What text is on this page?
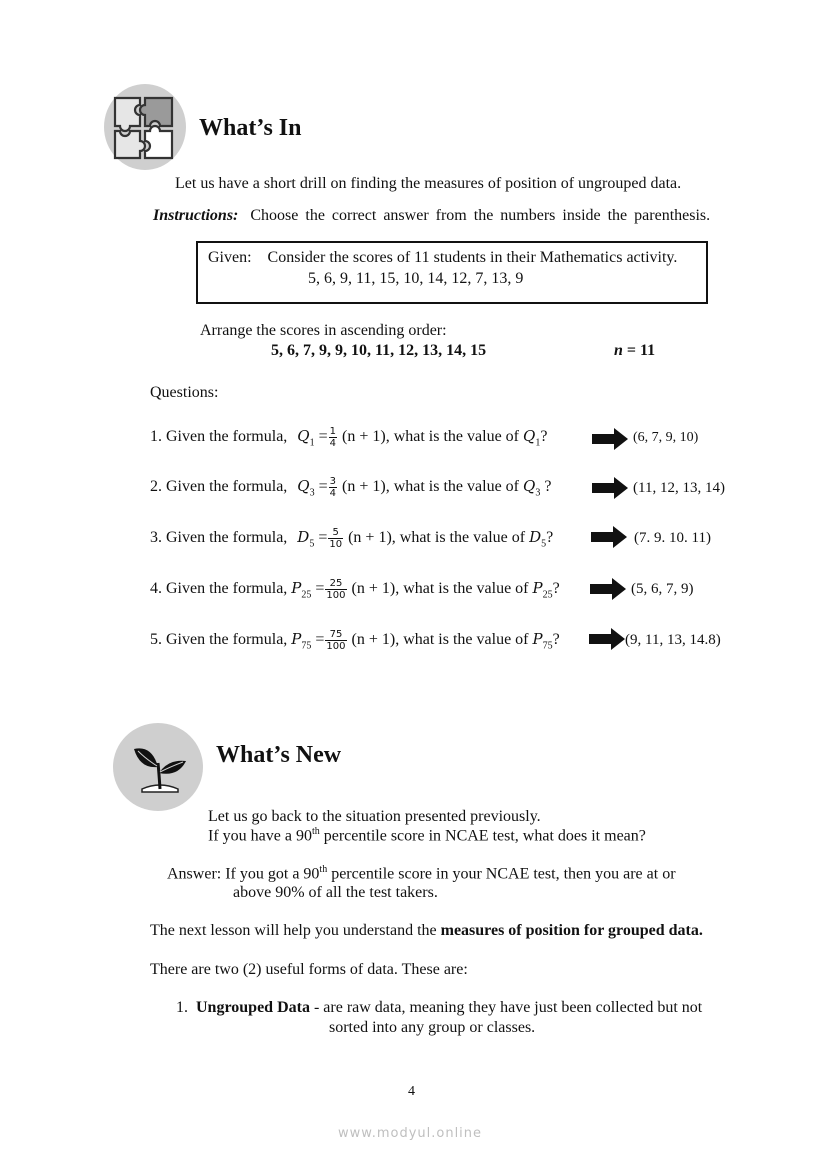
What’s In
Let us have a short drill on finding the measures of position of ungrouped data.
Instructions: Choose the correct answer from the numbers inside the parenthesis.
Given: Consider the scores of 11 students in their Mathematics activity.
5, 6, 9, 11, 15, 10, 14, 12, 7, 13, 9
Arrange the scores in ascending order:
5, 6, 7, 9, 9, 10, 11, 12, 13, 14, 15	n = 11
Questions:
1. Given the formula, $Q_1 = \frac{1}{4} (n + 1)$, what is the value of $Q_1$?	(6, 7, 9, 10)
2. Given the formula, $Q_3 = \frac{3}{4} (n + 1)$, what is the value of $Q_3$ ?	(11, 12, 13, 14)
3. Given the formula, $D_5 = \frac{5}{10} (n + 1)$, what is the value of $D_5$?	(7. 9. 10. 11)
4. Given the formula, $P_{25} = \frac{25}{100} (n + 1)$, what is the value of $P_{25}$?	(5, 6, 7, 9)
5. Given the formula, $P_{75} = \frac{75}{100} (n + 1)$, what is the value of $P_{75}$?	(9, 11, 13, 14.8)
What’s New
Let us go back to the situation presented previously.
If you have a 90th percentile score in NCAE test, what does it mean?
Answer: If you got a 90th percentile score in your NCAE test, then you are at or
above 90% of all the test takers.
The next lesson will help you understand the measures of position for grouped data.
There are two (2) useful forms of data. These are:
1. Ungrouped Data - are raw data, meaning they have just been collected but not
sorted into any group or classes.
4
www.modyul.online
